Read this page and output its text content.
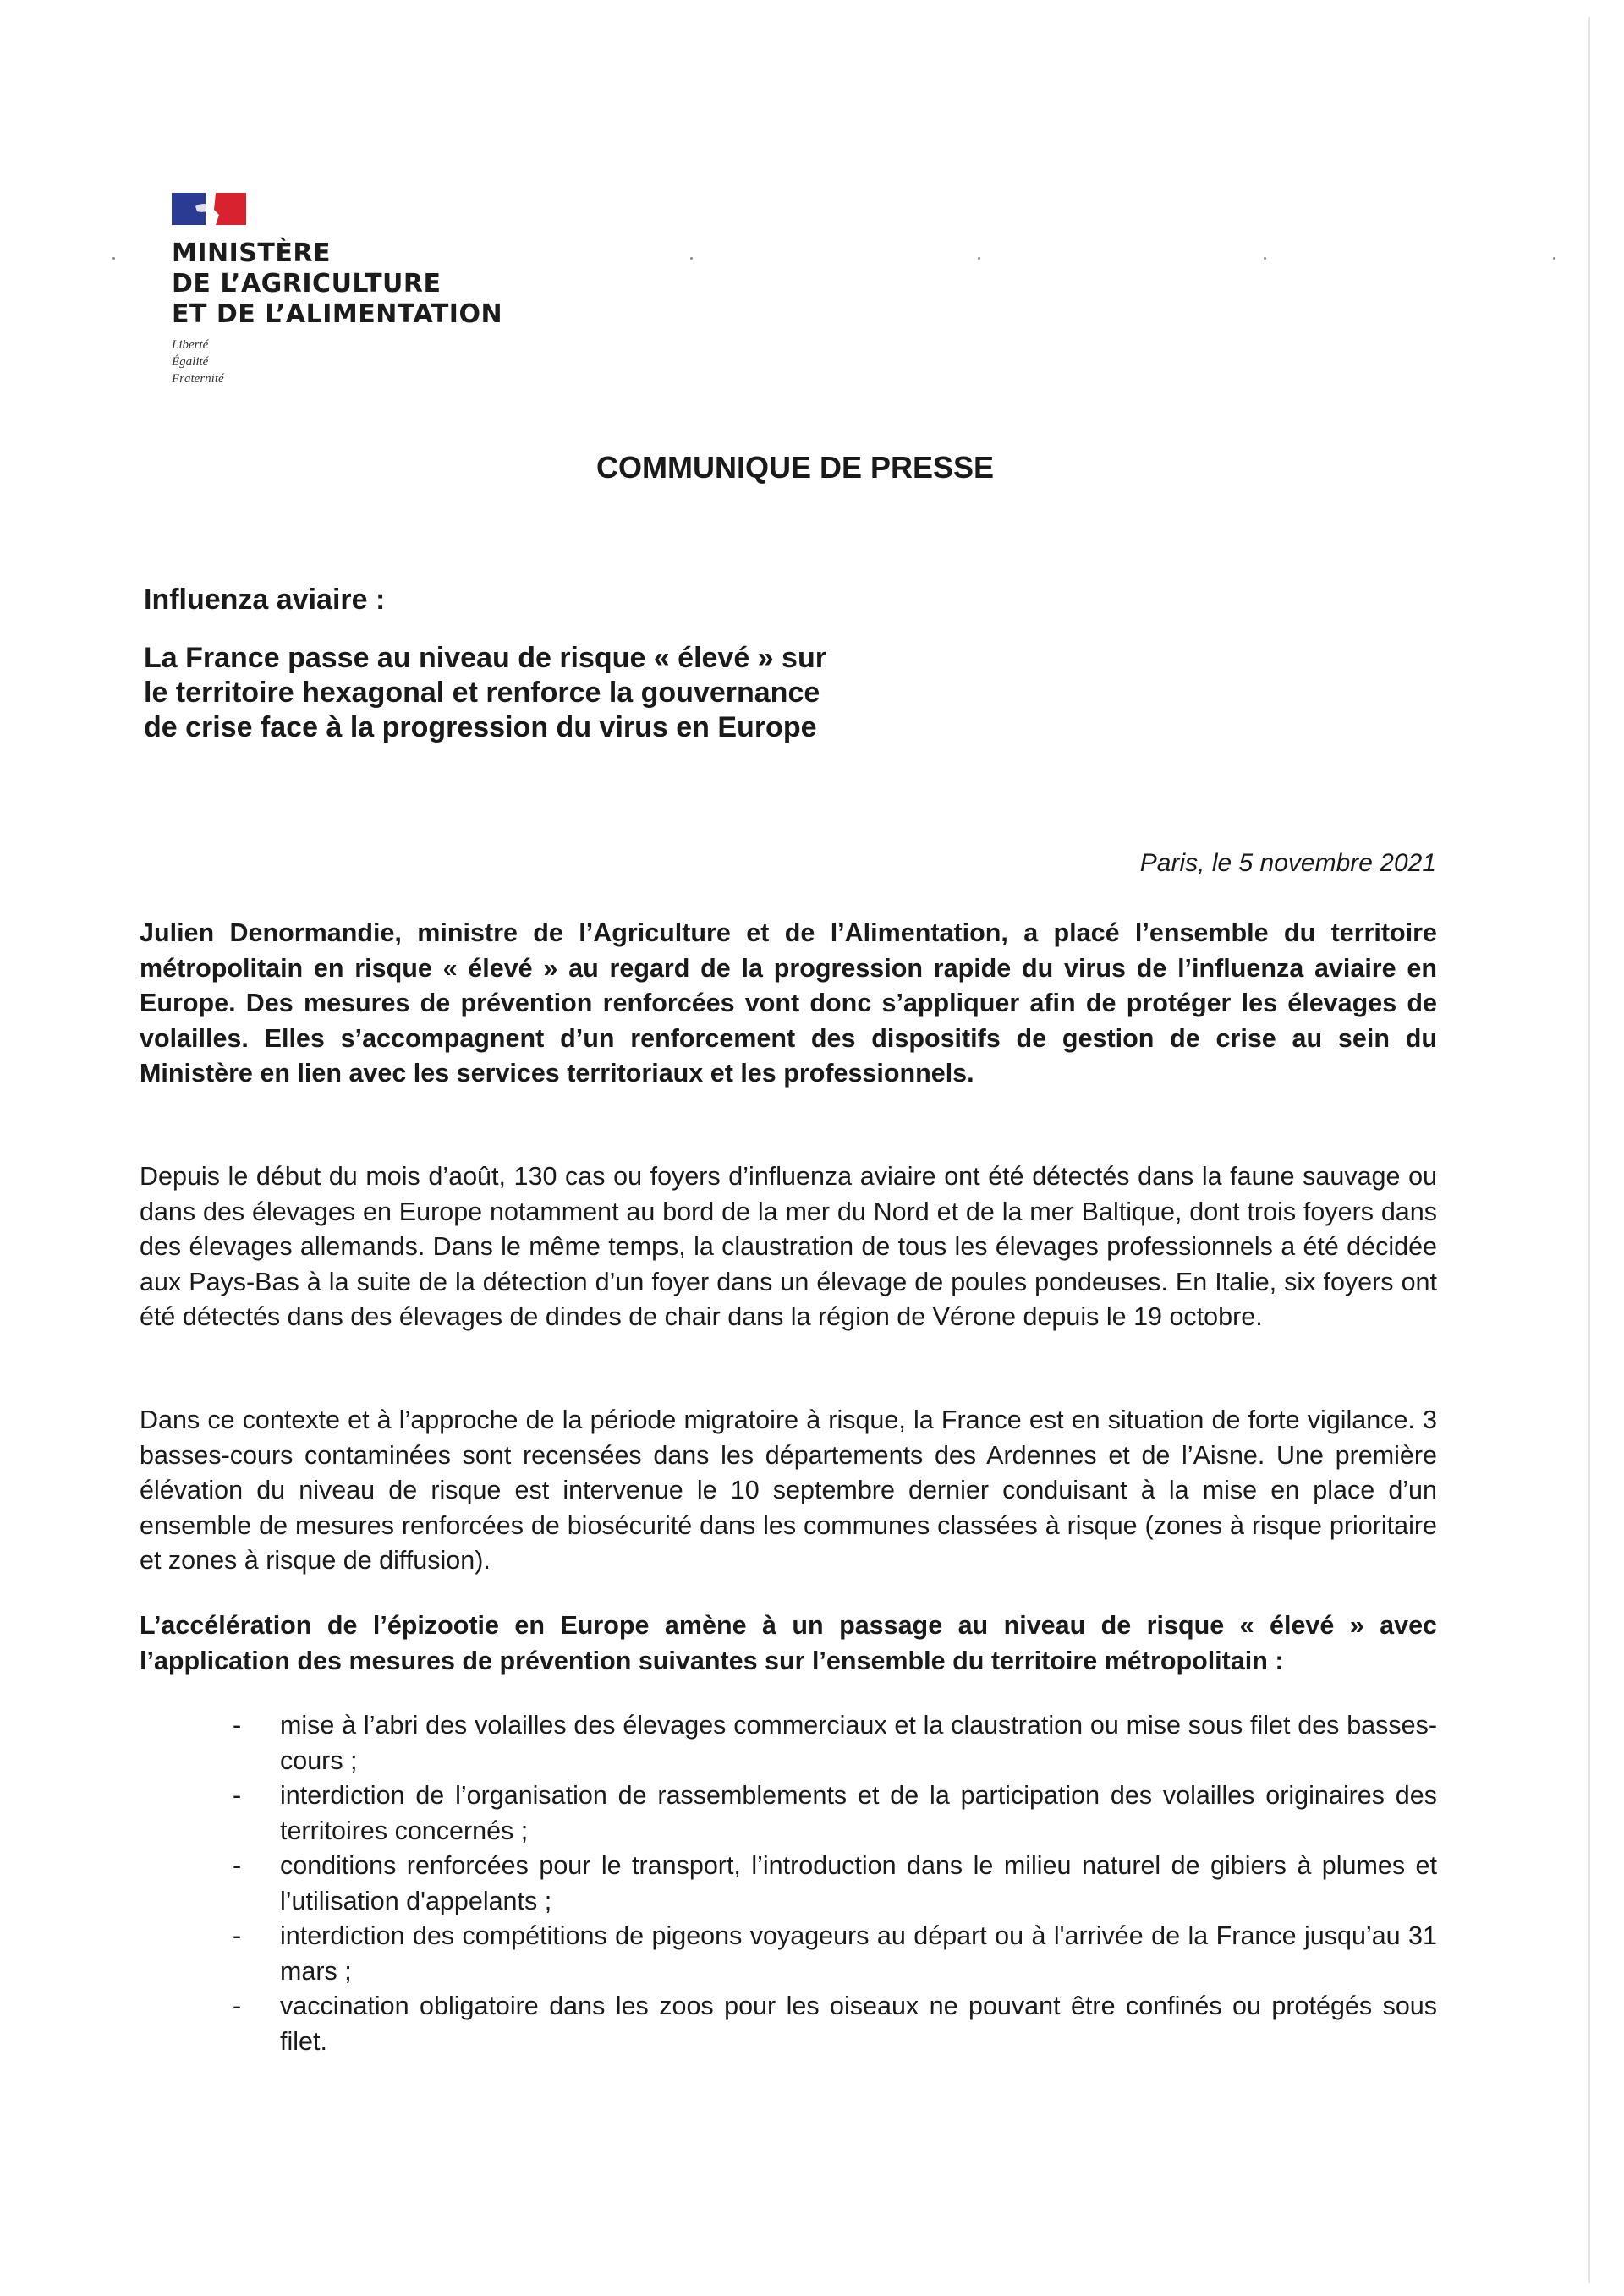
MINISTÈRE
DE L’AGRICULTURE
ET DE L’ALIMENTATION
Liberté
Égalité
Fraternité
COMMUNIQUE DE PRESSE
Influenza aviaire :
La France passe au niveau de risque « élevé » sur
le territoire hexagonal et renforce la gouvernance
de crise face à la progression du virus en Europe
Paris, le 5 novembre 2021
Julien Denormandie, ministre de l’Agriculture et de l’Alimentation, a placé l’ensemble du territoire métropolitain en risque « élevé » au regard de la progression rapide du virus de l’influenza aviaire en Europe. Des mesures de prévention renforcées vont donc s’appliquer afin de protéger les élevages de volailles. Elles s’accompagnent d’un renforcement des dispositifs de gestion de crise au sein du Ministère en lien avec les services territoriaux et les professionnels.
Depuis le début du mois d’août, 130 cas ou foyers d’influenza aviaire ont été détectés dans la faune sauvage ou dans des élevages en Europe notamment au bord de la mer du Nord et de la mer Baltique, dont trois foyers dans des élevages allemands. Dans le même temps, la claustration de tous les élevages professionnels a été décidée aux Pays-Bas à la suite de la détection d’un foyer dans un élevage de poules pondeuses. En Italie, six foyers ont été détectés dans des élevages de dindes de chair dans la région de Vérone depuis le 19 octobre.
Dans ce contexte et à l’approche de la période migratoire à risque, la France est en situation de forte vigilance. 3 basses-cours contaminées sont recensées dans les départements des Ardennes et de l’Aisne. Une première élévation du niveau de risque est intervenue le 10 septembre dernier conduisant à la mise en place d’un ensemble de mesures renforcées de biosécurité dans les communes classées à risque (zones à risque prioritaire et zones à risque de diffusion).
L’accélération de l’épizootie en Europe amène à un passage au niveau de risque « élevé » avec l’application des mesures de prévention suivantes sur l’ensemble du territoire métropolitain :
- mise à l’abri des volailles des élevages commerciaux et la claustration ou mise sous filet des basses-cours ;
- interdiction de l’organisation de rassemblements et de la participation des volailles originaires des territoires concernés ;
- conditions renforcées pour le transport, l’introduction dans le milieu naturel de gibiers à plumes et l’utilisation d'appelants ;
- interdiction des compétitions de pigeons voyageurs au départ ou à l'arrivée de la France jusqu’au 31 mars ;
- vaccination obligatoire dans les zoos pour les oiseaux ne pouvant être confinés ou protégés sous filet.
